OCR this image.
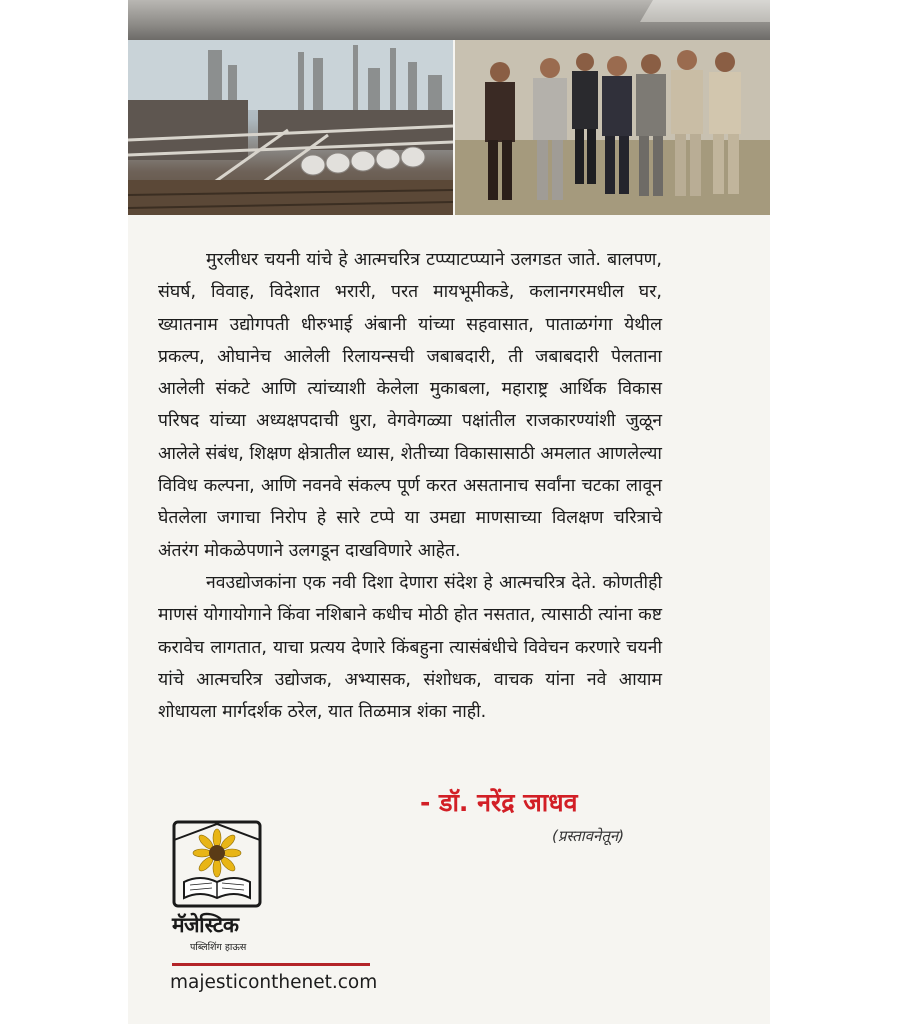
मुरलीधर चयनी यांचे हे आत्मचरित्र टप्प्याटप्प्याने उलगडत जाते. बालपण, संघर्ष, विवाह, विदेशात भरारी, परत मायभूमीकडे, कलानगरमधील घर, ख्यातनाम उद्योगपती धीरुभाई अंबानी यांच्या सहवासात, पाताळगंगा येथील प्रकल्प, ओघानेच आलेली रिलायन्सची जबाबदारी, ती जबाबदारी पेलताना आलेली संकटे आणि त्यांच्याशी केलेला मुकाबला, महाराष्ट्र आर्थिक विकास परिषद यांच्या अध्यक्षपदाची धुरा, वेगवेगळ्या पक्षांतील राजकारण्यांशी जुळून आलेले संबंध, शिक्षण क्षेत्रातील ध्यास, शेतीच्या विकासासाठी अमलात आणलेल्या विविध कल्पना, आणि नवनवे संकल्प पूर्ण करत असतानाच सर्वांना चटका लावून घेतलेला जगाचा निरोप हे सारे टप्पे या उमद्या माणसाच्या विलक्षण चरित्राचे अंतरंग मोकळेपणाने उलगडून दाखविणारे आहेत.

नवउद्योजकांना एक नवी दिशा देणारा संदेश हे आत्मचरित्र देते. कोणतीही माणसं योगायोगाने किंवा नशिबाने कधीच मोठी होत नसतात, त्यासाठी त्यांना कष्ट करावेच लागतात, याचा प्रत्यय देणारे किंबहुना त्यासंबंधीचे विवेचन करणारे चयनी यांचे आत्मचरित्र उद्योजक, अभ्यासक, संशोधक, वाचक यांना नवे आयाम शोधायला मार्गदर्शक ठरेल, यात तिळमात्र शंका नाही.

- डॉ. नरेंद्र जाधव
(प्रस्तावनेतून)
मॅजेस्टिक
पब्लिशिंग हाऊस
majesticonthenet.com
